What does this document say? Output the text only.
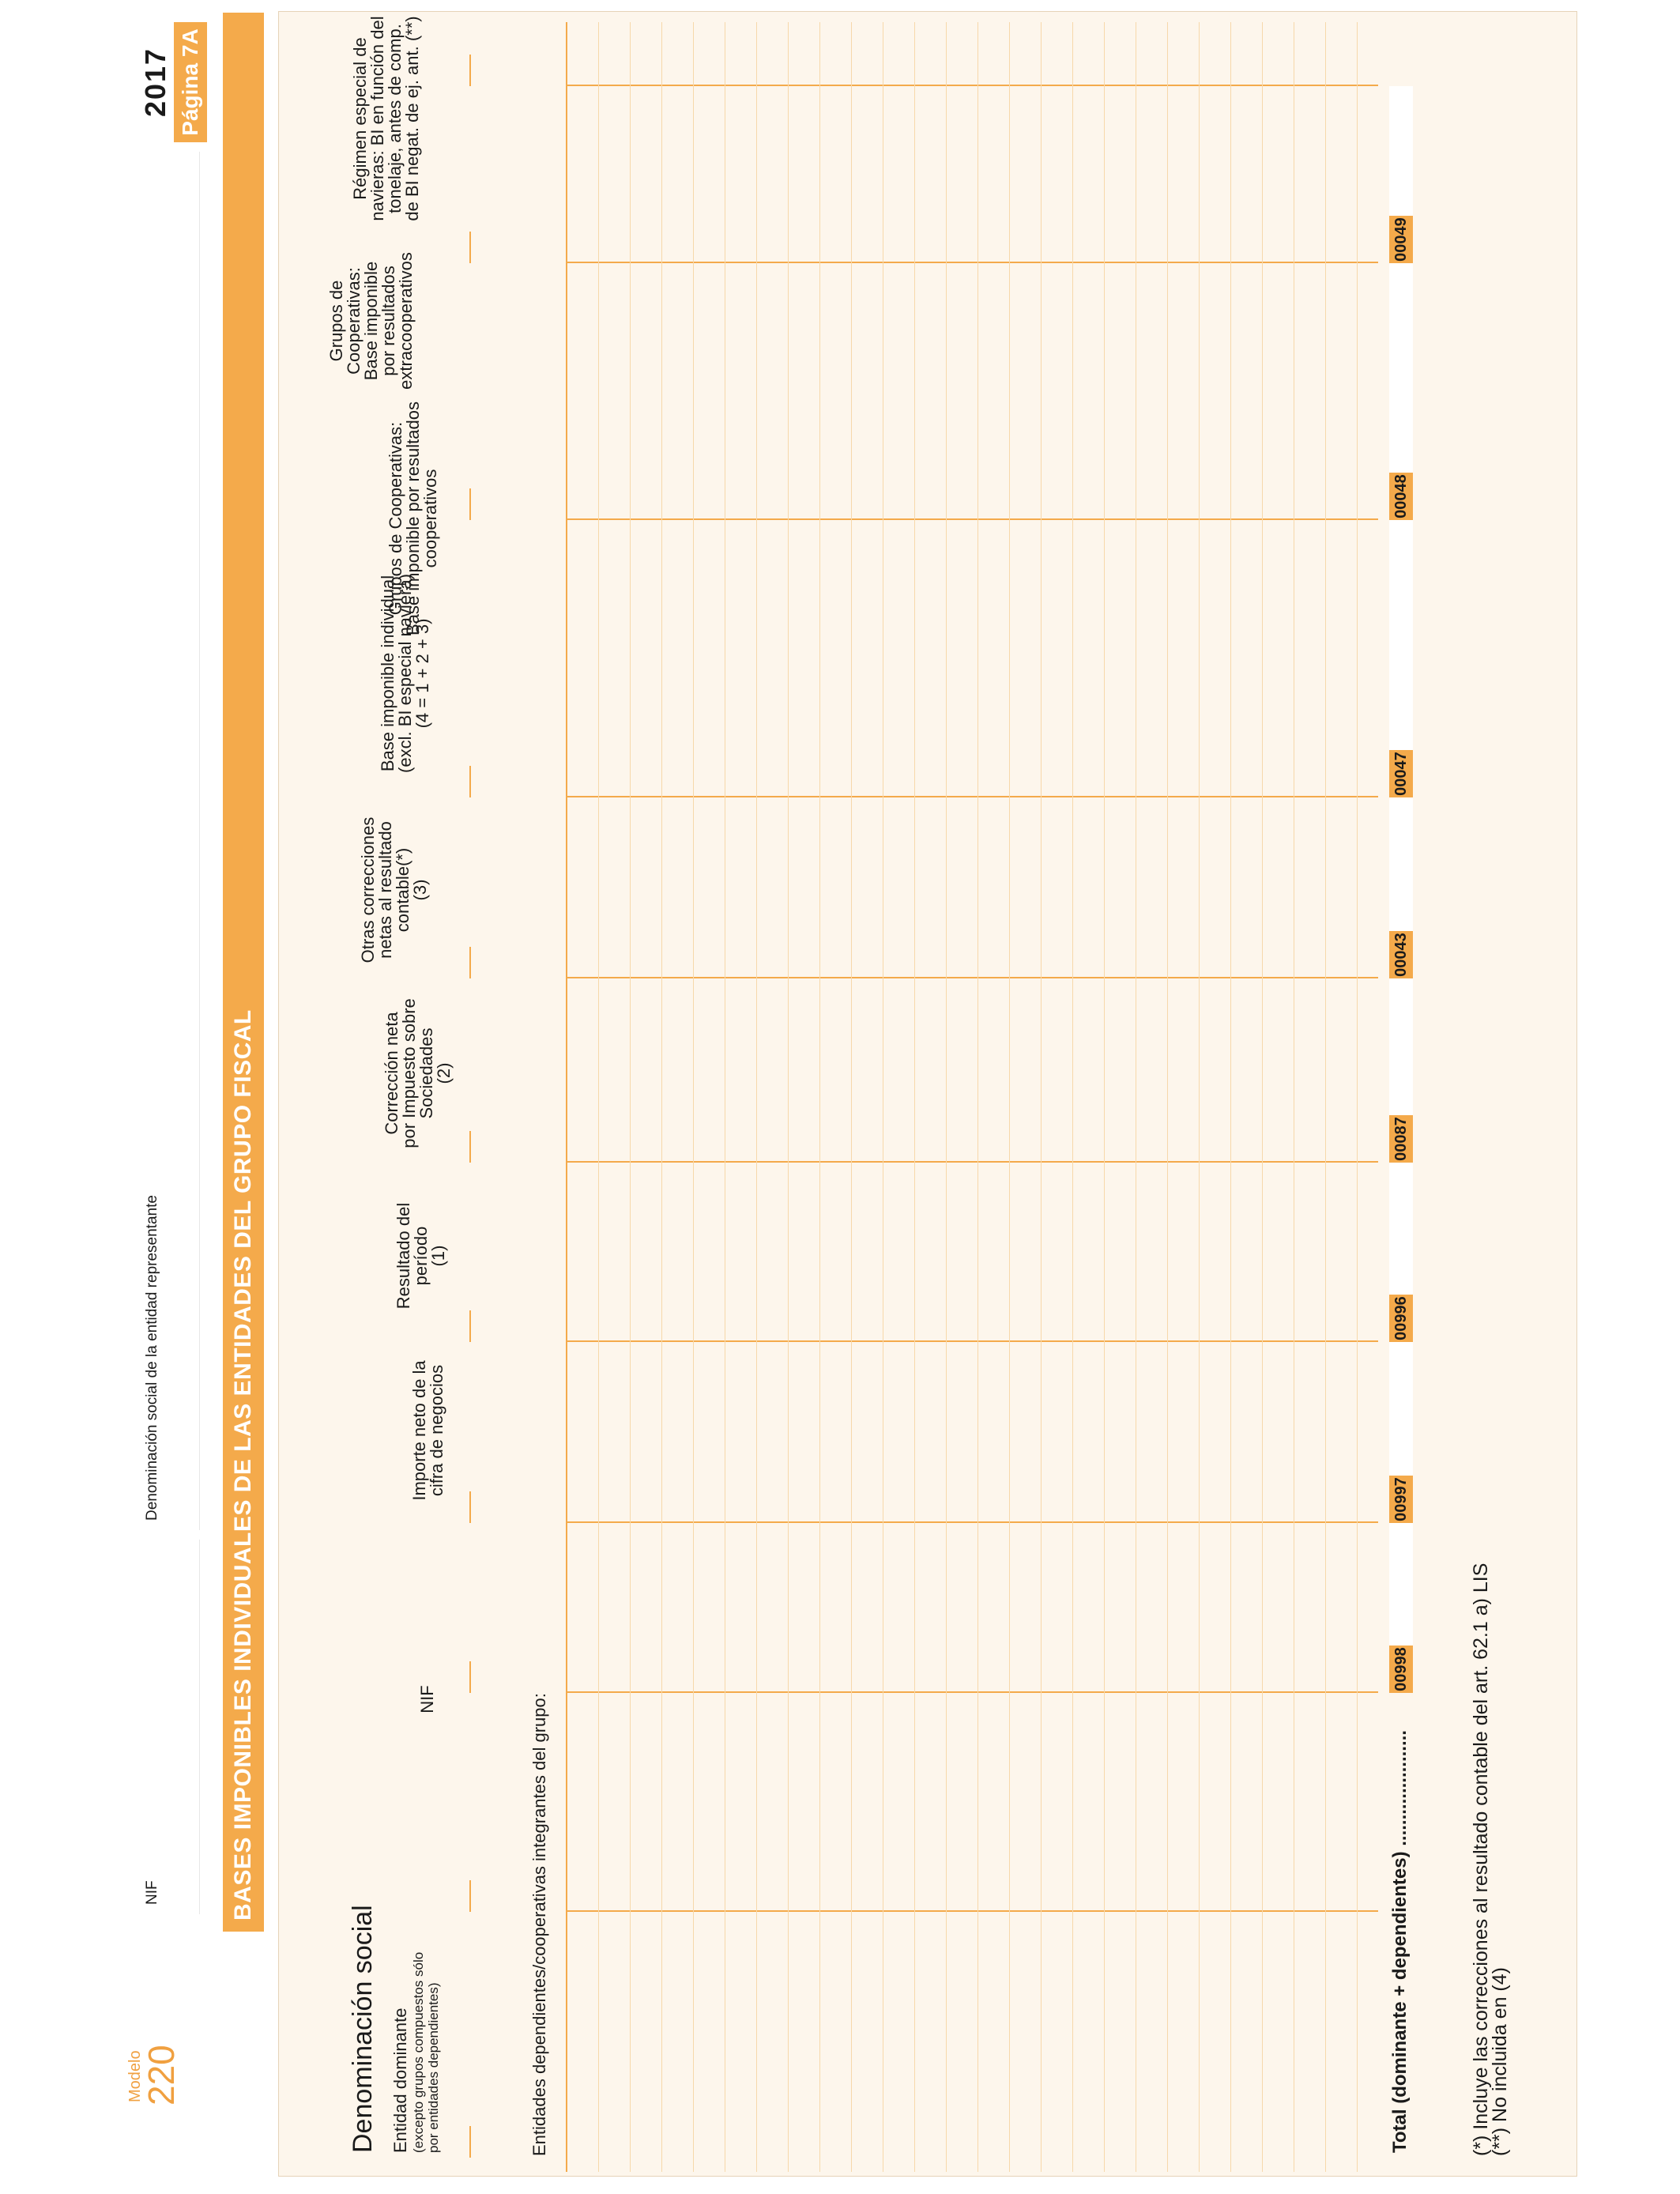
Modelo
220
NIF
Denominación social de la entidad representante
2017 Página 7A
BASES IMPONIBLES INDIVIDUALES DE LAS ENTIDADES DEL GRUPO FISCAL
Denominación social Entidad dominante (excepto grupos compuestos sólo por entidades dependientes)
NIF
Importe neto de la
cifra de negocios
Resultado del
período
(1)
Corrección neta
por Impuesto sobre
Sociedades
(2)
Otras correcciones
netas al resultado
contable(*)
(3)
Base imponible individual
(excl. BI especial naviera)
(4 = 1 + 2 + 3)
Grupos de Cooperativas:
Base imponible por resultados
cooperativos
Grupos de
Cooperativas:
Base imponible
por resultados
extracooperativos
Régimen especial de
navieras: BI en función del
tonelaje, antes de comp.
de BI negat. de ej. ant. (**)
Entidades dependientes/cooperativas integrantes del grupo:	Total (dominante + dependientes) ......................
00998
00997
00996
00087
00043
00047
00048
00049
(*) Incluye las correcciones al resultado contable del art. 62.1 a) LIS
(**) No incluida en (4)
